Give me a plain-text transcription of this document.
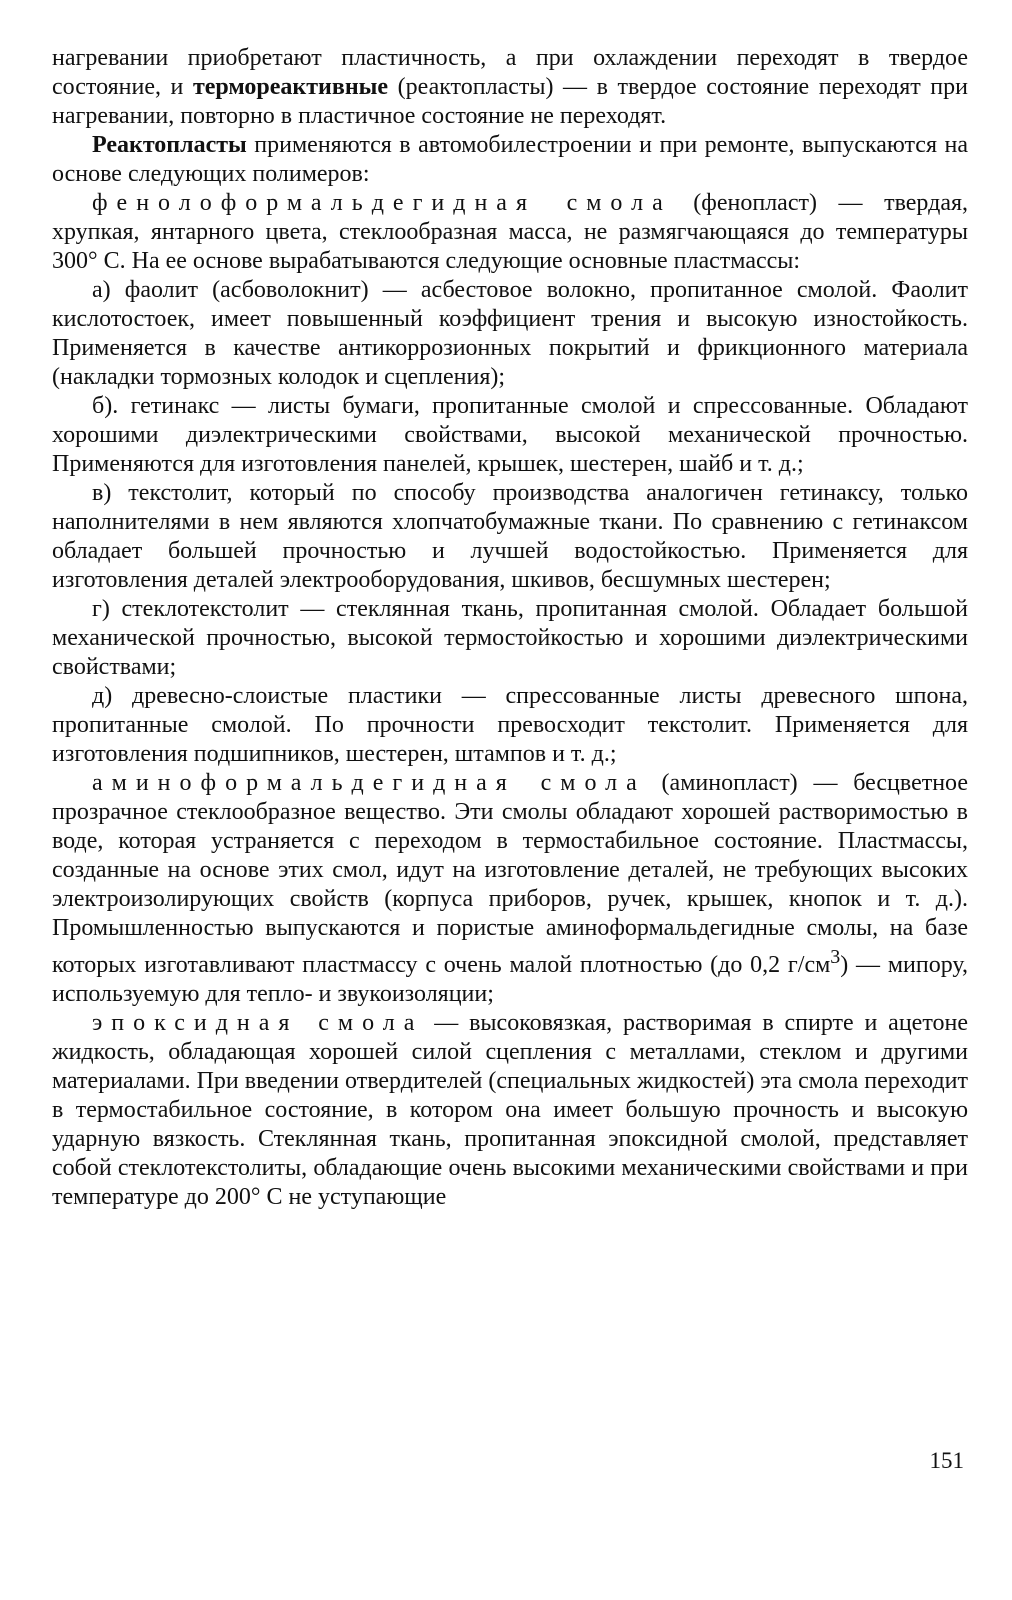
нагревании приобретают пластичность, а при охлаждении переходят в твердое состояние, и термореактивные (реактопласты) — в твердое состояние переходят при нагревании, повторно в пластичное состояние не переходят.

Реактопласты применяются в автомобилестроении и при ремонте, выпускаются на основе следующих полимеров:

фенолоформальдегидная смола (фенопласт) — твердая, хрупкая, янтарного цвета, стеклообразная масса, не размягчающаяся до температуры 300° С. На ее основе вырабатываются следующие основные пластмассы:

а) фаолит (асбоволокнит) — асбестовое волокно, пропитанное смолой. Фаолит кислотостоек, имеет повышенный коэффициент трения и высокую изностойкость. Применяется в качестве антикоррозионных покрытий и фрикционного материала (накладки тормозных колодок и сцепления);

б). гетинакс — листы бумаги, пропитанные смолой и спрессованные. Обладают хорошими диэлектрическими свойствами, высокой механической прочностью. Применяются для изготовления панелей, крышек, шестерен, шайб и т. д.;

в) текстолит, который по способу производства аналогичен гетинаксу, только наполнителями в нем являются хлопчатобумажные ткани. По сравнению с гетинаксом обладает большей прочностью и лучшей водостойкостью. Применяется для изготовления деталей электрооборудования, шкивов, бесшумных шестерен;

г) стеклотекстолит — стеклянная ткань, пропитанная смолой. Обладает большой механической прочностью, высокой термостойкостью и хорошими диэлектрическими свойствами;

д) древесно-слоистые пластики — спрессованные листы древесного шпона, пропитанные смолой. По прочности превосходит текстолит. Применяется для изготовления подшипников, шестерен, штампов и т. д.;

аминоформальдегидная смола (аминопласт) — бесцветное прозрачное стеклообразное вещество. Эти смолы обладают хорошей растворимостью в воде, которая устраняется с переходом в термостабильное состояние. Пластмассы, созданные на основе этих смол, идут на изготовление деталей, не требующих высоких электроизолирующих свойств (корпуса приборов, ручек, крышек, кнопок и т. д.). Промышленностью выпускаются и пористые аминоформальдегидные смолы, на базе которых изготавливают пластмассу с очень малой плотностью (до 0,2 $г/см^3$) — мипору, используемую для тепло- и звукоизоляции;

эпоксидная смола — высоковязкая, растворимая в спирте и ацетоне жидкость, обладающая хорошей силой сцепления с металлами, стеклом и другими материалами. При введении отвердителей (специальных жидкостей) эта смола переходит в термостабильное состояние, в котором она имеет большую прочность и высокую ударную вязкость. Стеклянная ткань, пропитанная эпоксидной смолой, представляет собой стеклотекстолиты, обладающие очень высокими механическими свойствами и при температуре до 200° С не уступающие

151
